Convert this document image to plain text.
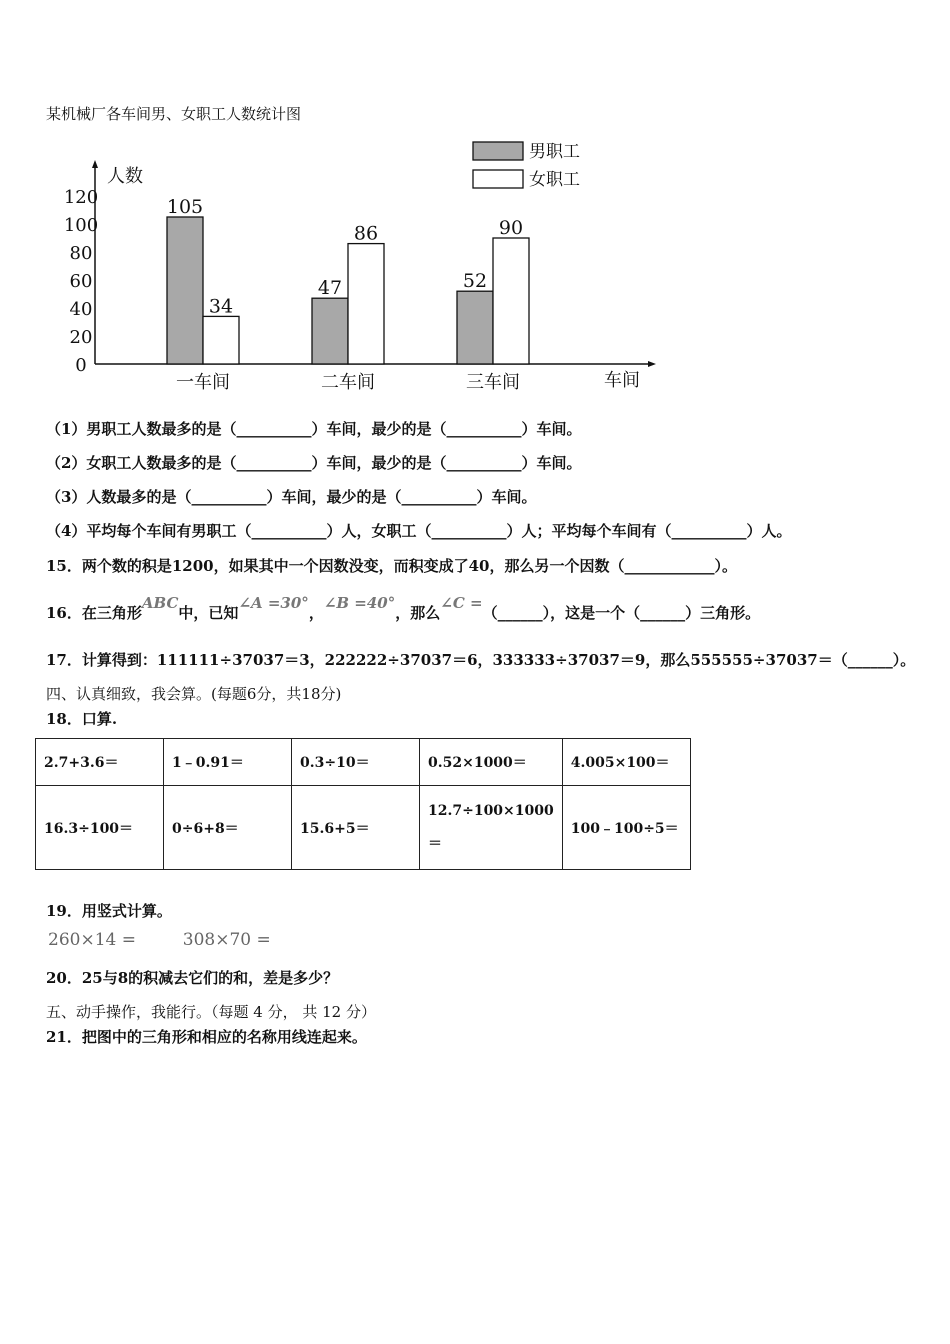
某机械厂各车间男、女职工人数统计图
0
20
40
60
80
100
120
人数
车间
105
34
一车间
47
86
二车间
52
90
三车间
男职工
女职工
（1）男职工人数最多的是（__________）车间，最少的是（__________）车间。
（2）女职工人数最多的是（__________）车间，最少的是（__________）车间。
（3）人数最多的是（__________）车间，最少的是（__________）车间。
（4）平均每个车间有男职工（__________）人，女职工（__________）人；平均每个车间有（__________）人。
15．两个数的积是1200，如果其中一个因数没变，而积变成了40，那么另一个因数（____________）。
16．在三角形ABC中，已知∠A =30°，∠B =40°，那么∠C =（______），这是一个（______）三角形。
17．计算得到：111111÷37037＝3，222222÷37037＝6，333333÷37037＝9，那么555555÷37037＝（______）。
四、认真细致，我会算。(每题6分，共18分)
18．口算.
2.7+3.6＝	1﹣0.91＝	0.3÷10＝	0.52×1000＝	4.005×100＝
16.3÷100＝	0÷6+8＝	15.6+5＝	12.7÷100×1000
＝	100﹣100÷5＝
19．用竖式计算。
260×14 =	308×70 =
20．25与8的积减去它们的和，差是多少？
五、动手操作，我能行。（每题 4 分， 共 12 分）
21．把图中的三角形和相应的名称用线连起来。
